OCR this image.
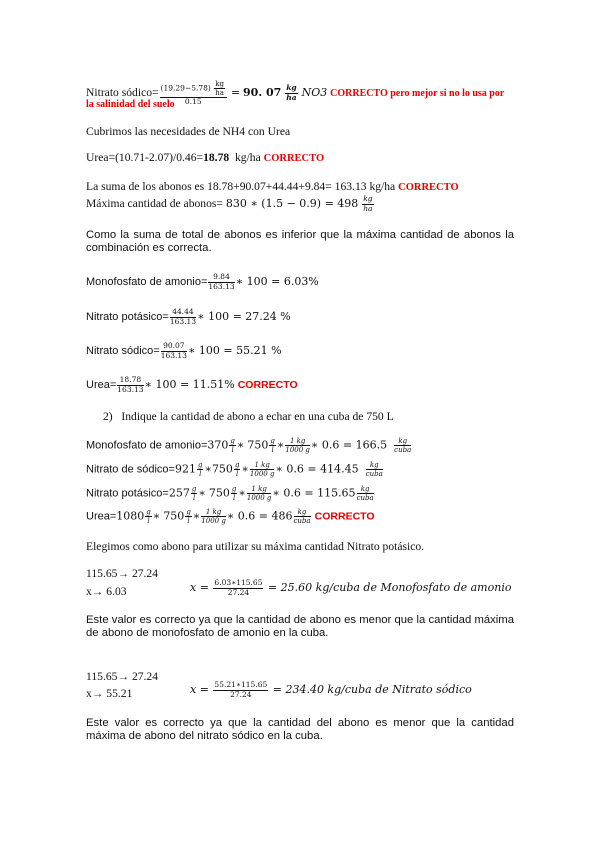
Nitrato sódico= $\frac{(19.29-5.78) \frac{kg}{ha}}{0.15} = 90$. $07 \frac{kg}{ha} NO3$ CORRECTO pero mejor si no lo usa por
la salinidad del suelo
Cubrimos las necesidades de NH4 con Urea
Urea=(10.71-2.07)/0.46=18.78 kg/ha CORRECTO
La suma de los abonos es 18.78+90.07+44.44+9.84= 163.13 kg/ha CORRECTO
Máxima cantidad de abonos= 830 ∗ $(1.5 - 0.9) = 498 \frac{kg}{ha}$
Como la suma de total de abonos es inferior que la máxima cantidad de abonos la combinación es correcta.
Monofosfato de amonio= $\frac{9.84}{163.13}$ ∗ 100 = 6.03%
Nitrato potásico= $\frac{44.44}{163.13}$ ∗ 100 = 27.24 %
Nitrato sódico= $\frac{90.07}{163.13}$ ∗ 100 = 55.21 %
Urea= $\frac{18.78}{163.13}$ ∗ 100 = 11.51% CORRECTO
2) Indique la cantidad de abono a echar en una cuba de 750 L
Monofosfato de amonio=370 $\frac{g}{l}$ ∗ $750 \frac{g}{l}$ ∗ $\frac{1 kg}{1000 g}$ ∗ $0.6 = 166.5 \frac{kg}{\text{cuba}}$
Nitrato de sódico=921 $\frac{g}{l}$ ∗750 $\frac{g}{l}$ ∗ $\frac{1 kg}{1000 g}$ ∗ $0.6 = 414.45 \frac{kg}{\text{cuba}}$
Nitrato potásico=257 $\frac{g}{l}$ ∗ $750 \frac{g}{l}$ ∗ $\frac{1 kg}{1000 g}$ ∗ $0.6 = 115.65 \frac{kg}{\text{cuba}}$
Urea=1080 $\frac{g}{l}$ ∗ $750 \frac{g}{l}$ ∗ $\frac{1 kg}{1000 g}$ ∗ $0.6 = 486 \frac{kg}{\text{cuba}}$ CORRECTO
Elegimos como abono para utilizar su máxima cantidad Nitrato potásico.
115.65→ 27.24
x→ 6.03	$x = \frac{6.03∗115.65}{27.24} = 25.60$ kg/cuba de Monofosfato de amonio
Este valor es correcto ya que la cantidad de abono es menor que la cantidad máxima de abono de monofosfato de amonio en la cuba.
115.65→ 27.24
x→ 55.21	$x = \frac{55.21∗115.65}{27.24} = 234.40$ kg/cuba de Nitrato sódico
Este valor es correcto ya que la cantidad del abono es menor que la cantidad máxima de abono del nitrato sódico en la cuba.
